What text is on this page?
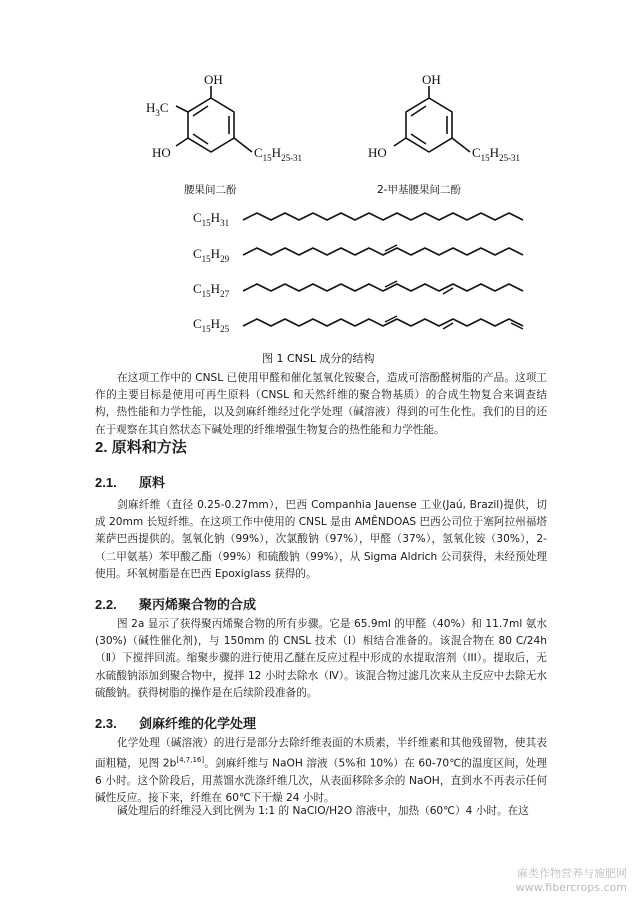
OH
$H_3C$
HO	$C_{15}H_{25-31}$
OH
HO	$C_{15}H_{25-31}$
$C_{15}H_{31}$
$C_{15}H_{29}$
$C_{15}H_{27}$
$C_{15}H_{25}$
腰果间二酚	2-甲基腰果间二酚
图 1 CNSL 成分的结构

在这项工作中的 CNSL 已使用甲醛和催化氢氧化铵聚合，造成可溶酚醛树脂的产品。这项工作的主要目标是使用可再生原料（CNSL 和天然纤维的聚合物基质）的合成生物复合来调查结构，热性能和力学性能，以及剑麻纤维经过化学处理（碱溶液）得到的可生化性。我们的目的还在于观察在其自然状态下碱处理的纤维增强生物复合的热性能和力学性能。

2. 原料和方法
2.1. 原料

剑麻纤维（直径 0.25-0.27mm），巴西 Companhia Jauense 工业(Jaú, Brazil)提供，切成 20mm 长短纤维。在这项工作中使用的 CNSL 是由 AMÊNDOAS 巴西公司位于塞阿拉州福塔莱萨巴西提供的。氢氧化钠（99%），次氯酸钠（97%），甲醛（37%），氢氧化铵（30%），2-（二甲氨基）苯甲酸乙酯（99%）和硫酸钠（99%），从 Sigma Aldrich 公司获得，未经预处理使用。环氧树脂是在巴西 Epoxiglass 获得的。

2.2. 聚丙烯聚合物的合成

图 2a 显示了获得聚丙烯聚合物的所有步骤。它是 65.9ml 的甲醛（40%）和 11.7ml 氨水(30%)（碱性催化剂)，与 150mm 的 CNSL 技术（Ⅰ）相结合准备的。该混合物在 80 C/24h（Ⅱ）下搅拌回流。缩聚步骤的进行使用乙醚在反应过程中形成的水提取溶剂（III）。提取后，无水硫酸钠添加到聚合物中，搅拌 12 小时去除水（Ⅳ）。该混合物过滤几次来从主反应中去除无水硫酸钠。获得树脂的操作是在后续阶段准备的。

2.3. 剑麻纤维的化学处理

化学处理（碱溶液）的进行是部分去除纤维表面的木质素，半纤维素和其他残留物，使其表面粗糙，见图 2b[4,7,16]。剑麻纤维与 NaOH 溶液（5%和 10%）在 60-70℃的温度区间，处理 6 小时。这个阶段后，用蒸馏水洗涤纤维几次，从表面移除多余的 NaOH，直到水不再表示任何碱性反应。接下来，纤维在 60℃下干燥 24 小时。

碱处理后的纤维浸入到比例为 1:1 的 NaClO/H2O 溶液中，加热（60℃）4 小时。在这

麻类作物营养与施肥网
www.fibercrops.com
